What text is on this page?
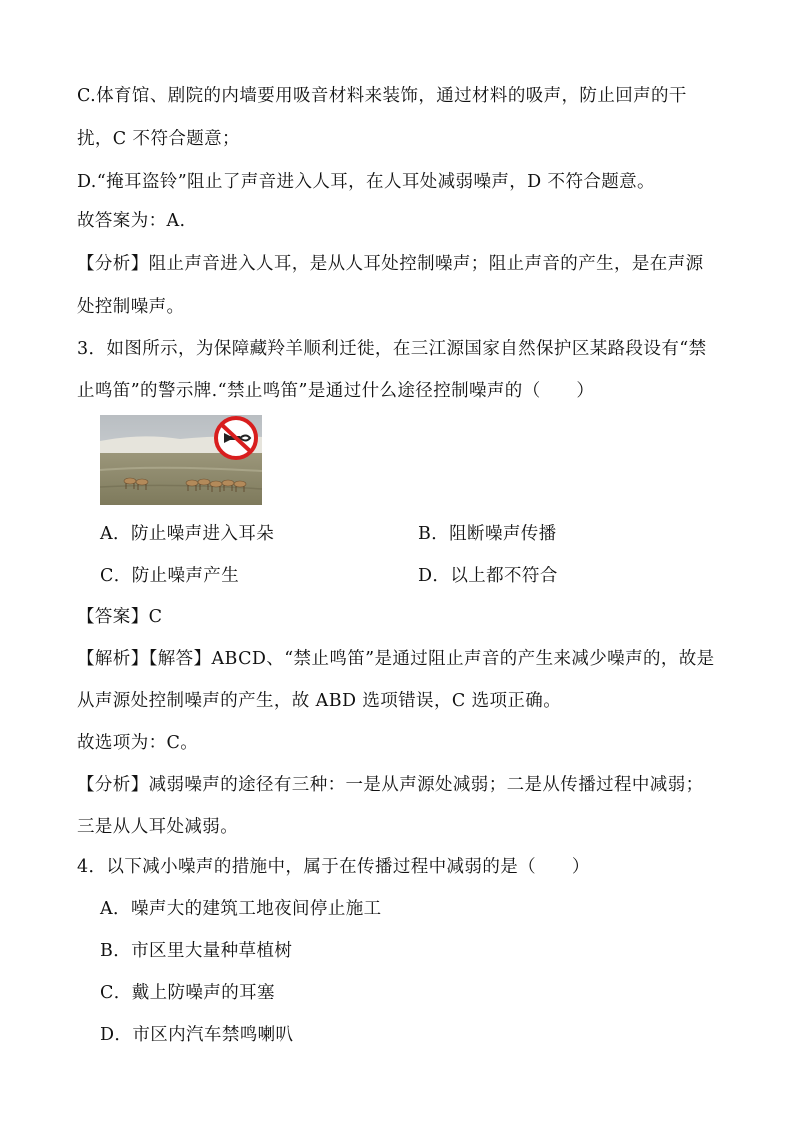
C.体育馆、剧院的内墙要用吸音材料来装饰，通过材料的吸声，防止回声的干
扰，C 不符合题意；
D.“掩耳盗铃”阻止了声音进入人耳，在人耳处减弱噪声，D 不符合题意。
故答案为：A.
【分析】阻止声音进入人耳，是从人耳处控制噪声；阻止声音的产生，是在声源
处控制噪声。
3．如图所示，为保障藏羚羊顺利迁徙，在三江源国家自然保护区某路段设有“禁
止鸣笛”的警示牌.“禁止鸣笛”是通过什么途径控制噪声的（　　）
A．防止噪声进入耳朵	B．阻断噪声传播
C．防止噪声产生	D．以上都不符合
【答案】C
【解析】【解答】ABCD、“禁止鸣笛”是通过阻止声音的产生来减少噪声的，故是
从声源处控制噪声的产生，故 ABD 选项错误，C 选项正确。
故选项为：C。
【分析】减弱噪声的途径有三种：一是从声源处减弱；二是从传播过程中减弱；
三是从人耳处减弱。
4．以下减小噪声的措施中，属于在传播过程中减弱的是（　　）
A．噪声大的建筑工地夜间停止施工
B．市区里大量种草植树
C．戴上防噪声的耳塞
D．市区内汽车禁鸣喇叭
